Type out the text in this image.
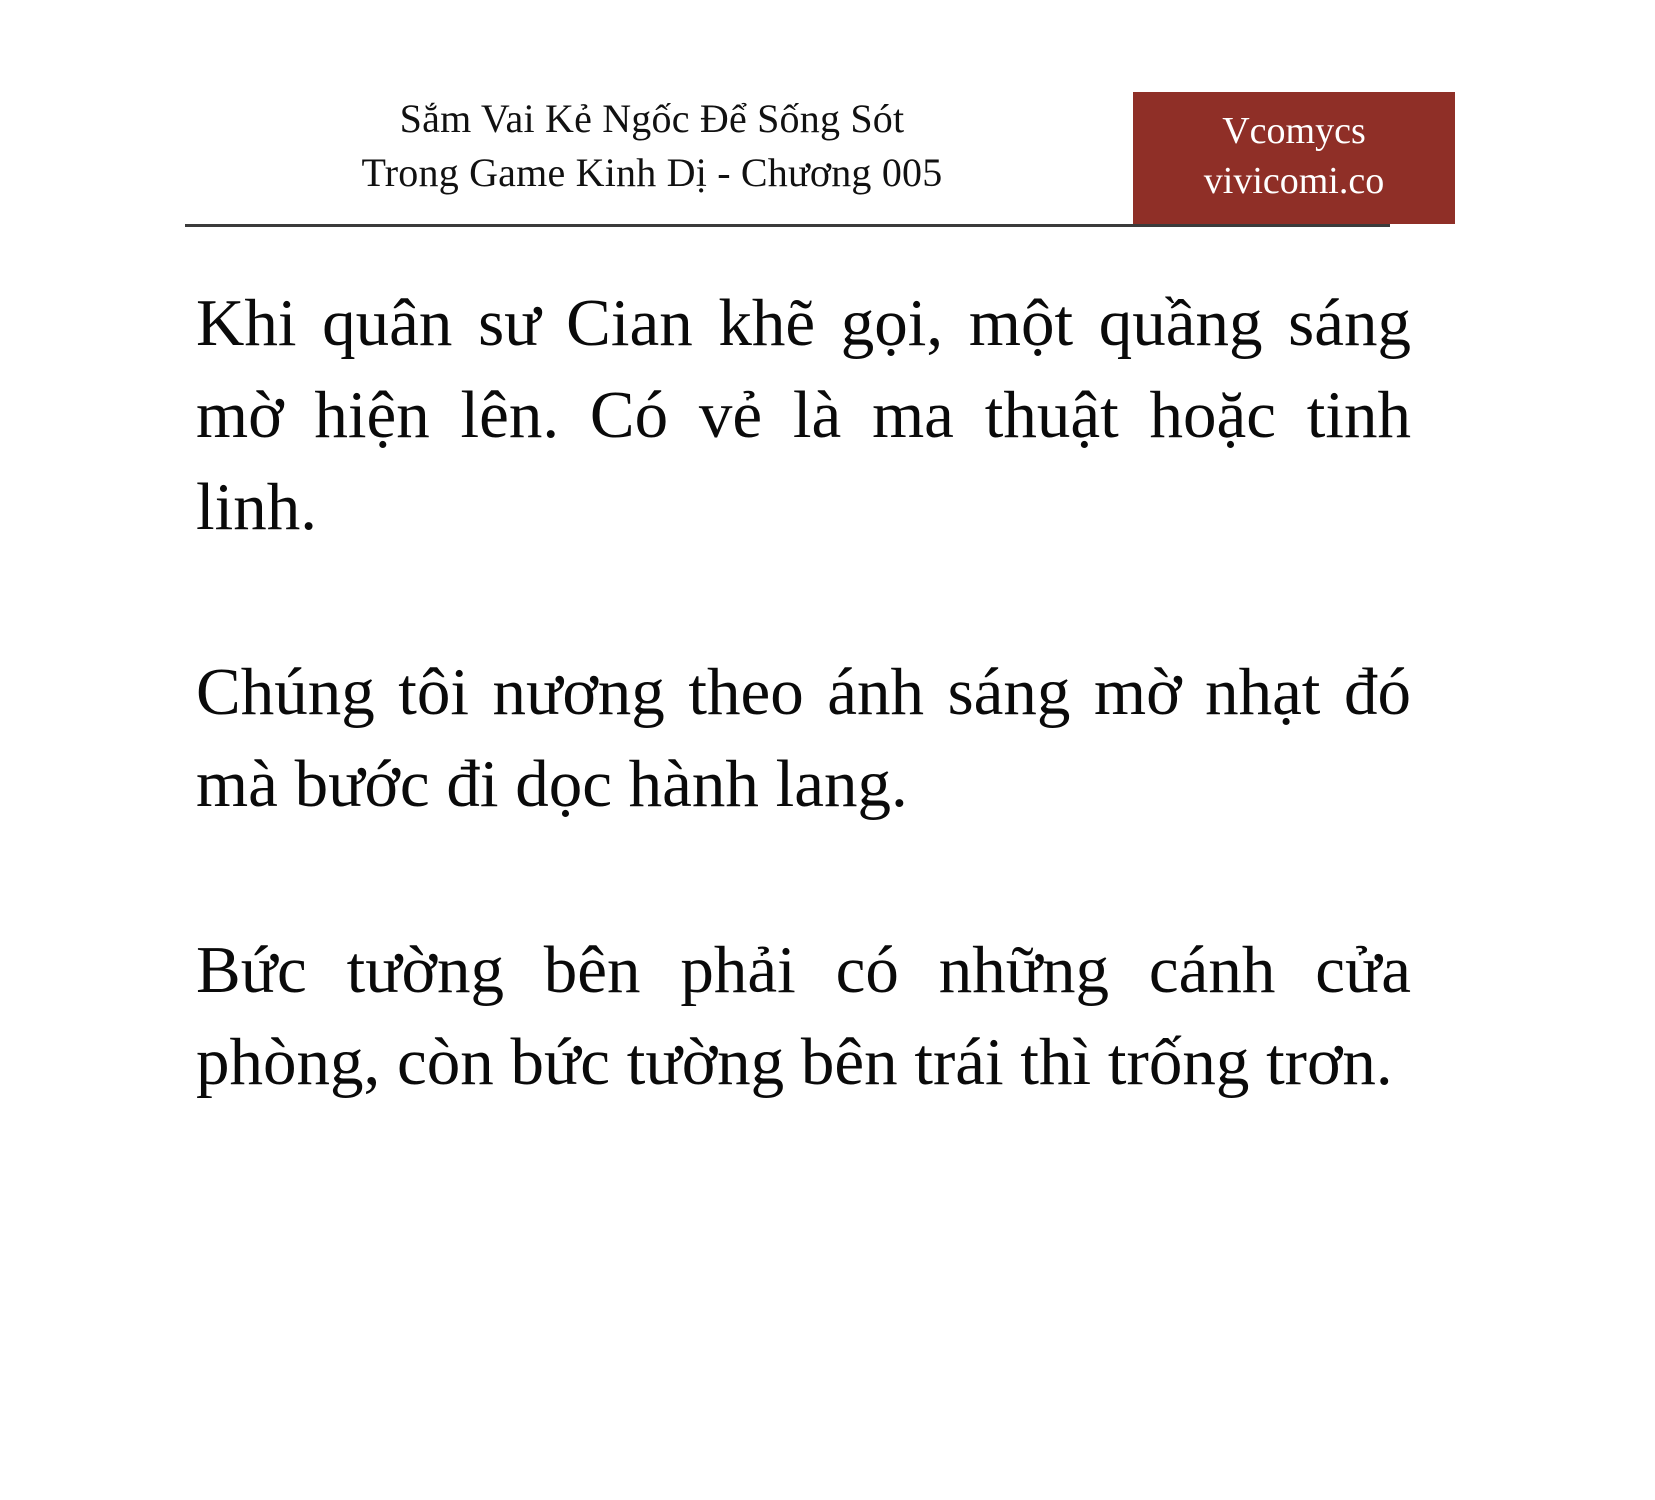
Sắm Vai Kẻ Ngốc Để Sống Sót
Trong Game Kinh Dị - Chương 005
Vcomycs
vivicomi.co

Khi quân sư Cian khẽ gọi, một quầng sáng mờ hiện lên. Có vẻ là ma thuật hoặc tinh linh.

Chúng tôi nương theo ánh sáng mờ nhạt đó mà bước đi dọc hành lang.

Bức tường bên phải có những cánh cửa phòng, còn bức tường bên trái thì trống trơn.
